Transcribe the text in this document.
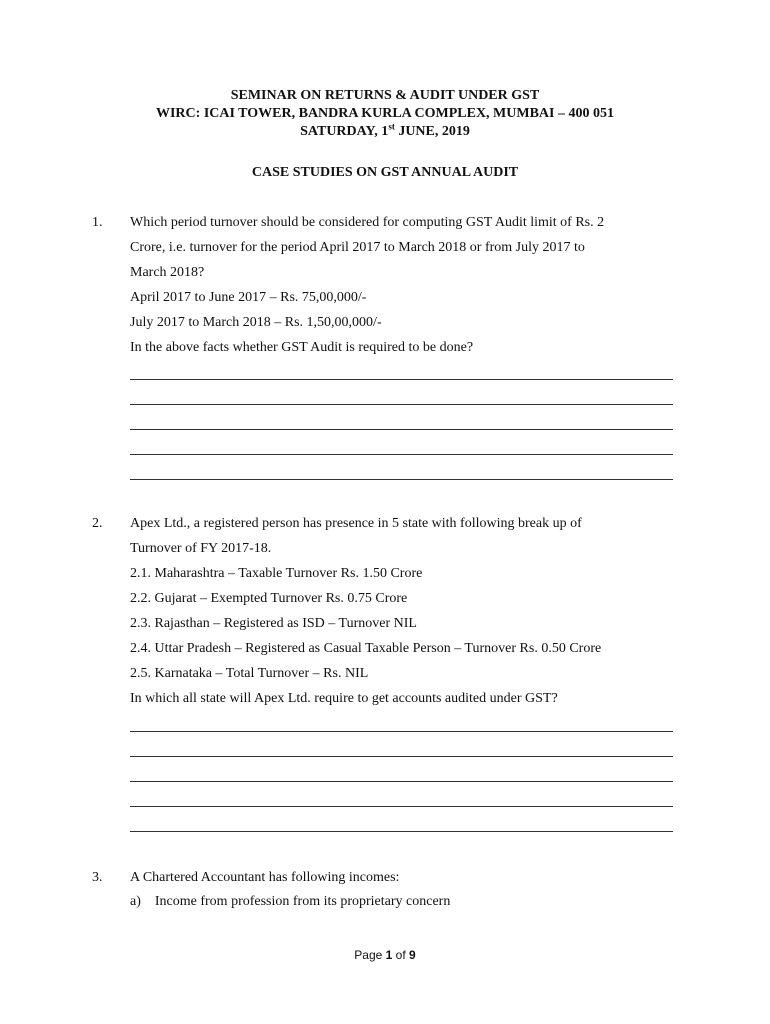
SEMINAR ON RETURNS & AUDIT UNDER GST
WIRC: ICAI TOWER, BANDRA KURLA COMPLEX, MUMBAI – 400 051
SATURDAY, 1st JUNE, 2019
CASE STUDIES ON GST ANNUAL AUDIT
1. Which period turnover should be considered for computing GST Audit limit of Rs. 2
Crore, i.e. turnover for the period April 2017 to March 2018 or from July 2017 to
March 2018?
April 2017 to June 2017 – Rs. 75,00,000/-
July 2017 to March 2018 – Rs. 1,50,00,000/-
In the above facts whether GST Audit is required to be done?
2. Apex Ltd., a registered person has presence in 5 state with following break up of
Turnover of FY 2017-18.
2.1. Maharashtra – Taxable Turnover Rs. 1.50 Crore
2.2. Gujarat – Exempted Turnover Rs. 0.75 Crore
2.3. Rajasthan – Registered as ISD – Turnover NIL
2.4. Uttar Pradesh – Registered as Casual Taxable Person – Turnover Rs. 0.50 Crore
2.5. Karnataka – Total Turnover – Rs. NIL
In which all state will Apex Ltd. require to get accounts audited under GST?
3. A Chartered Accountant has following incomes:
a)    Income from profession from its proprietary concern
Page 1 of 9
